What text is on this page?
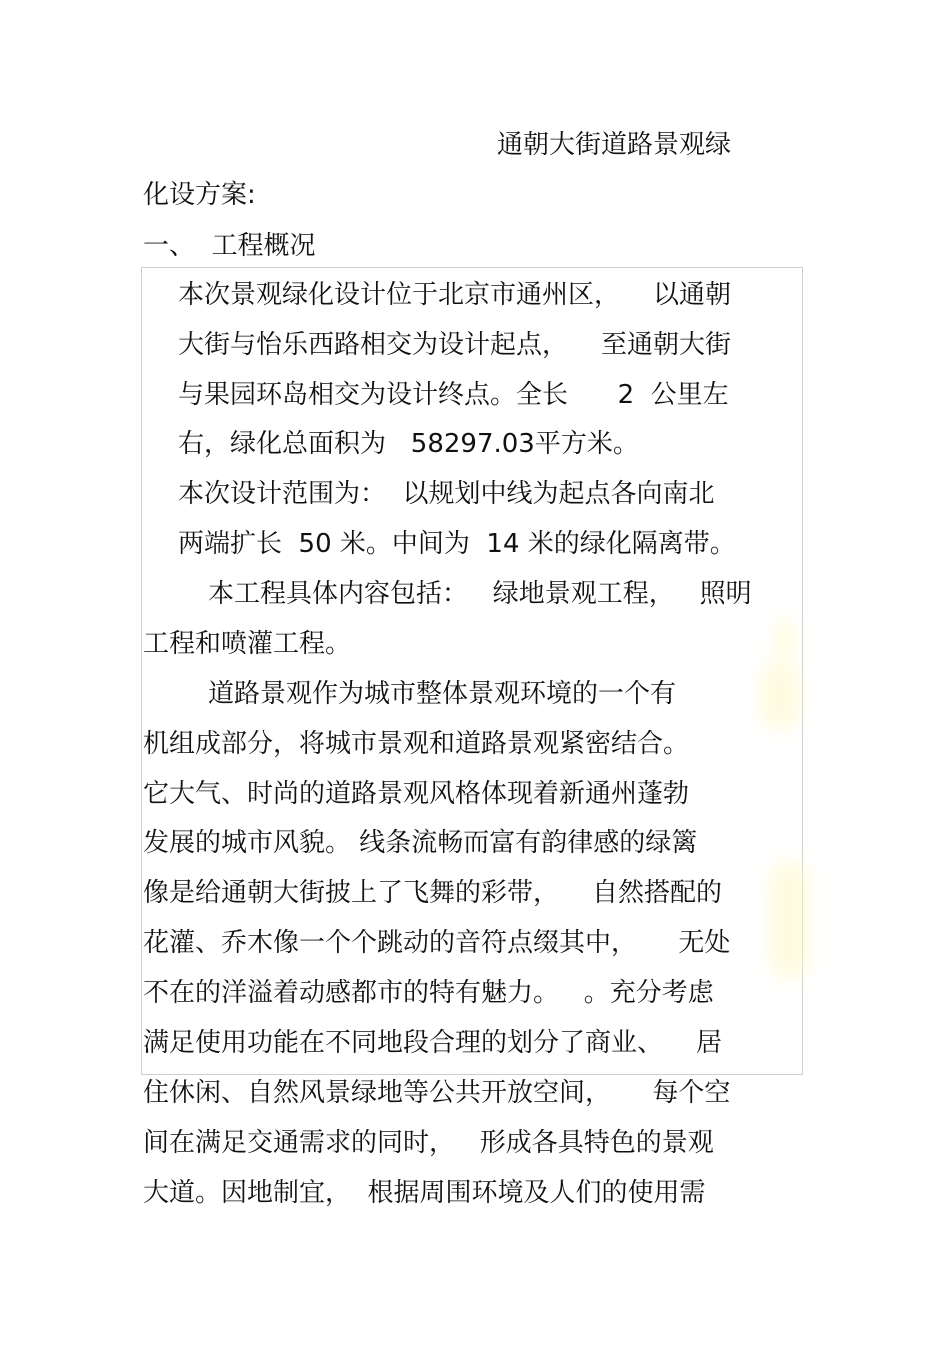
通朝大街道路景观绿

化设方案:

一、  工程概况

本次景观绿化设计位于北京市通州区，    以通朝

大街与怡乐西路相交为设计起点，    至通朝大街

与果园环岛相交为设计终点。全长      2  公里左

右，绿化总面积为   58297.03平方米。

本次设计范围为：  以规划中线为起点各向南北

两端扩长  50 米。中间为  14 米的绿化隔离带。

本工程具体内容包括：   绿地景观工程，   照明

工程和喷灌工程。

道路景观作为城市整体景观环境的一个有

机组成部分，将城市景观和道路景观紧密结合。

它大气、时尚的道路景观风格体现着新通州蓬勃

发展的城市风貌。 线条流畅而富有韵律感的绿篱

像是给通朝大街披上了飞舞的彩带，    自然搭配的

花灌、乔木像一个个跳动的音符点缀其中，     无处

不在的洋溢着动感都市的特有魅力。   。充分考虑

满足使用功能在不同地段合理的划分了商业、    居

住休闲、自然风景绿地等公共开放空间，     每个空

间在满足交通需求的同时，   形成各具特色的景观

大道。因地制宜，  根据周围环境及人们的使用需
